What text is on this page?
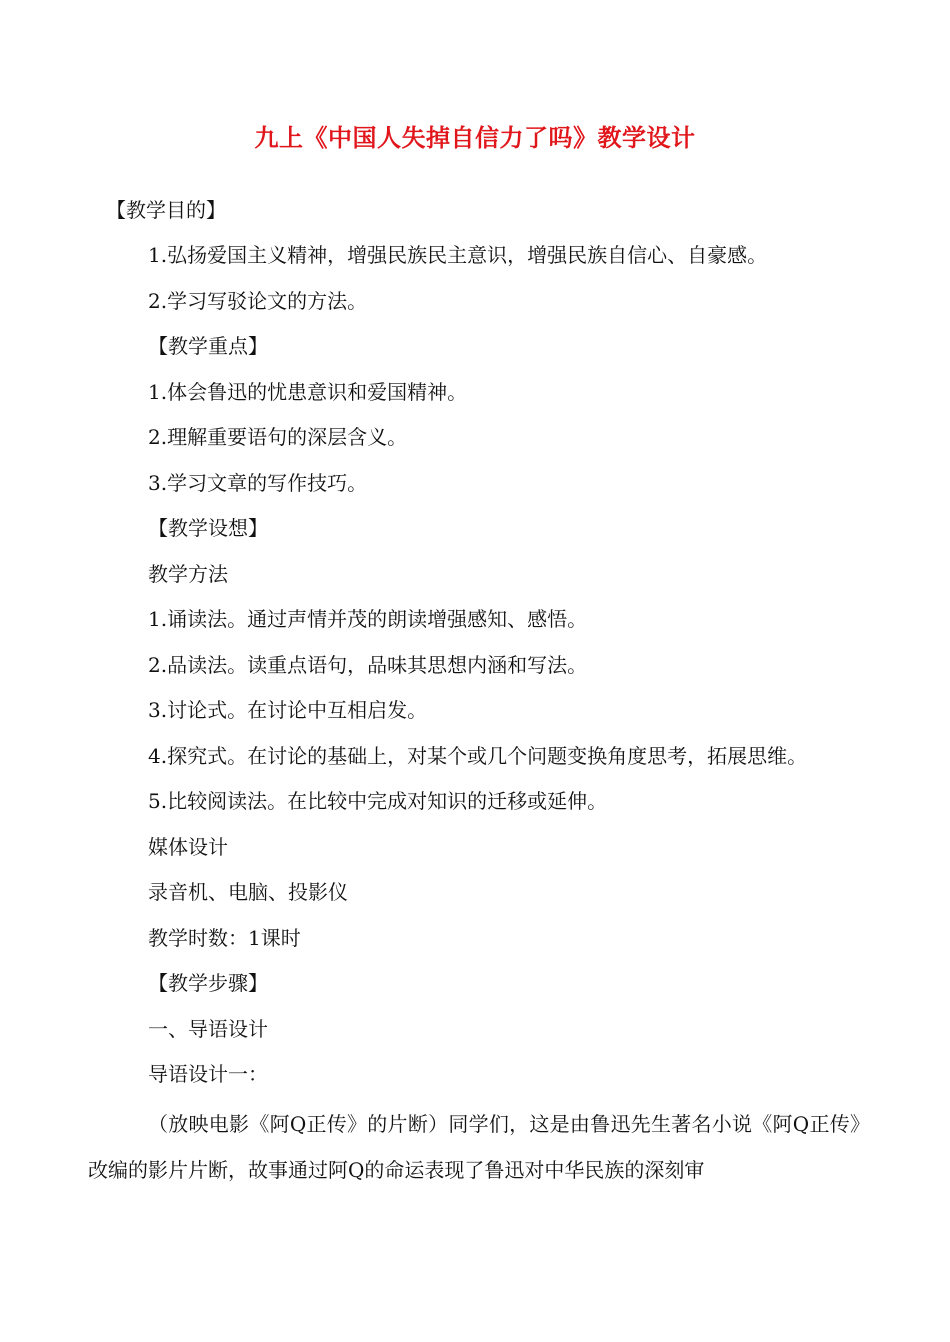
九上《中国人失掉自信力了吗》教学设计
【教学目的】
1.弘扬爱国主义精神，增强民族民主意识，增强民族自信心、自豪感。
2.学习写驳论文的方法。
【教学重点】
1.体会鲁迅的忧患意识和爱国精神。
2.理解重要语句的深层含义。
3.学习文章的写作技巧。
【教学设想】
教学方法
1.诵读法。通过声情并茂的朗读增强感知、感悟。
2.品读法。读重点语句，品味其思想内涵和写法。
3.讨论式。在讨论中互相启发。
4.探究式。在讨论的基础上，对某个或几个问题变换角度思考，拓展思维。
5.比较阅读法。在比较中完成对知识的迁移或延伸。
媒体设计
录音机、电脑、投影仪
教学时数：1课时
【教学步骤】
一、导语设计
导语设计一：
（放映电影《阿Q正传》的片断）同学们，这是由鲁迅先生著名小说《阿Q正传》改编的影片片断，故事通过阿Q的命运表现了鲁迅对中华民族的深刻审
